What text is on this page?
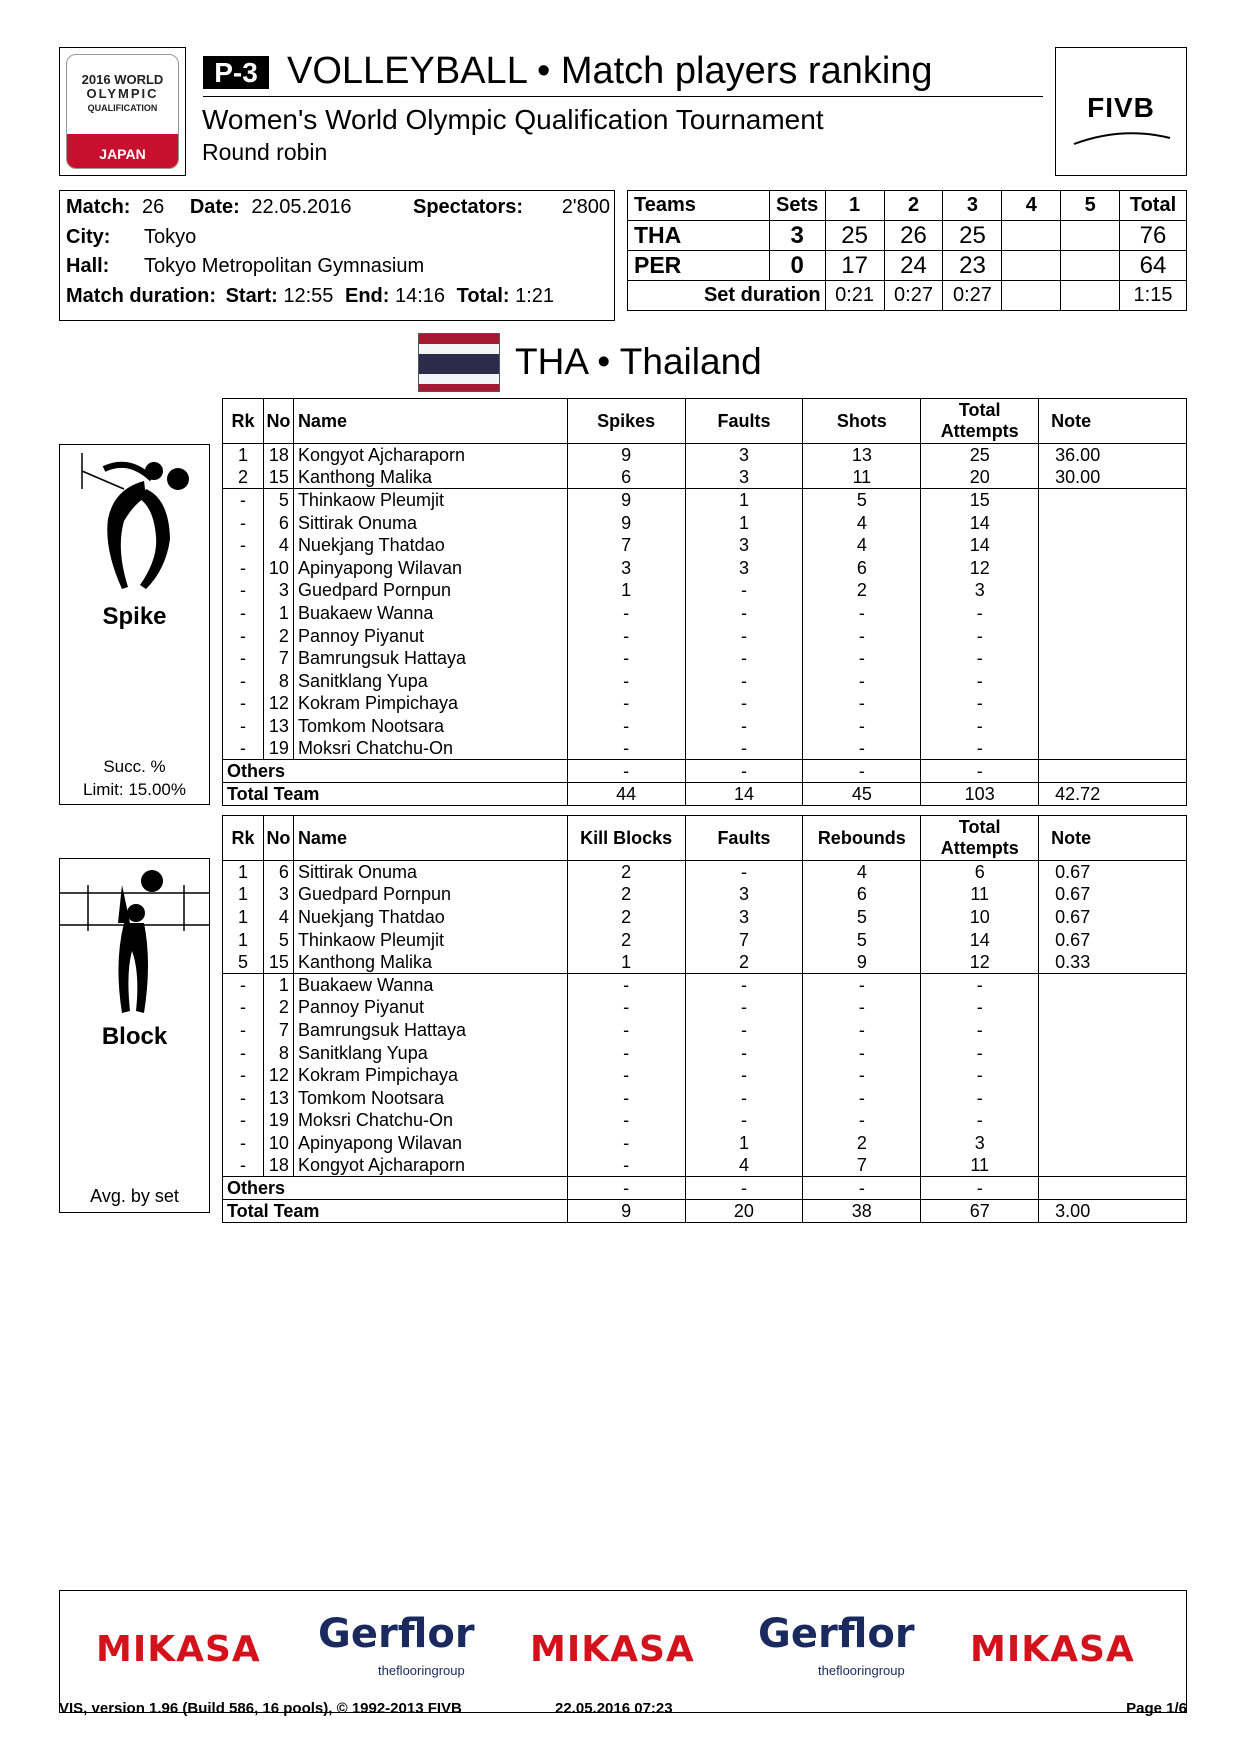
2016 WORLD
OLYMPIC
QUALIFICATION
JAPAN
P-3 VOLLEYBALL • Match players ranking
Women's World Olympic Qualification Tournament
Round robin
FIVB
Match: 26 Date: 22.05.2016	Spectators: 2'800
City: Tokyo
Hall: Tokyo Metropolitan Gymnasium
Match duration: Start: 12:55 End: 14:16 Total: 1:21
Teams	Sets	1	2	3	4	5	Total
THA	3	25	26	25			76
PER	0	17	24	23			64
Set duration		0:21	0:27	0:27			1:15
THA • Thailand
Spike
Succ. %
Limit: 15.00%
Rk	No	Name	Spikes	Faults	Shots	Total Attempts	Note
1	18	Kongyot Ajcharaporn	9	3	13	25	36.00
2	15	Kanthong Malika	6	3	11	20	30.00
-	5	Thinkaow Pleumjit	9	1	5	15	
-	6	Sittirak Onuma	9	1	4	14	
-	4	Nuekjang Thatdao	7	3	4	14	
-	10	Apinyapong Wilavan	3	3	6	12	
-	3	Guedpard Pornpun	1	-	2	3	
-	1	Buakaew Wanna	-	-	-	-	
-	2	Pannoy Piyanut	-	-	-	-	
-	7	Bamrungsuk Hattaya	-	-	-	-	
-	8	Sanitklang Yupa	-	-	-	-	
-	12	Kokram Pimpichaya	-	-	-	-	
-	13	Tomkom Nootsara	-	-	-	-	
-	19	Moksri Chatchu-On	-	-	-	-	
Others			-	-	-	-	
Total Team			44	14	45	103	42.72
Block
Avg. by set
Rk	No	Name	Kill Blocks	Faults	Rebounds	Total Attempts	Note
1	6	Sittirak Onuma	2	-	4	6	0.67
1	3	Guedpard Pornpun	2	3	6	11	0.67
1	4	Nuekjang Thatdao	2	3	5	10	0.67
1	5	Thinkaow Pleumjit	2	7	5	14	0.67
5	15	Kanthong Malika	1	2	9	12	0.33
-	1	Buakaew Wanna	-	-	-	-	
-	2	Pannoy Piyanut	-	-	-	-	
-	7	Bamrungsuk Hattaya	-	-	-	-	
-	8	Sanitklang Yupa	-	-	-	-	
-	12	Kokram Pimpichaya	-	-	-	-	
-	13	Tomkom Nootsara	-	-	-	-	
-	19	Moksri Chatchu-On	-	-	-	-	
-	10	Apinyapong Wilavan	-	1	2	3	
-	18	Kongyot Ajcharaporn	-	4	7	11	
Others			-	-	-	-	
Total Team			9	20	38	67	3.00
MIKASA Gerflor
theflooringroup
MIKASA Gerflor
theflooringroup
MIKASA
VIS, version 1.96 (Build 586, 16 pools), © 1992-2013 FIVB	22.05.2016 07:23	Page 1/6
